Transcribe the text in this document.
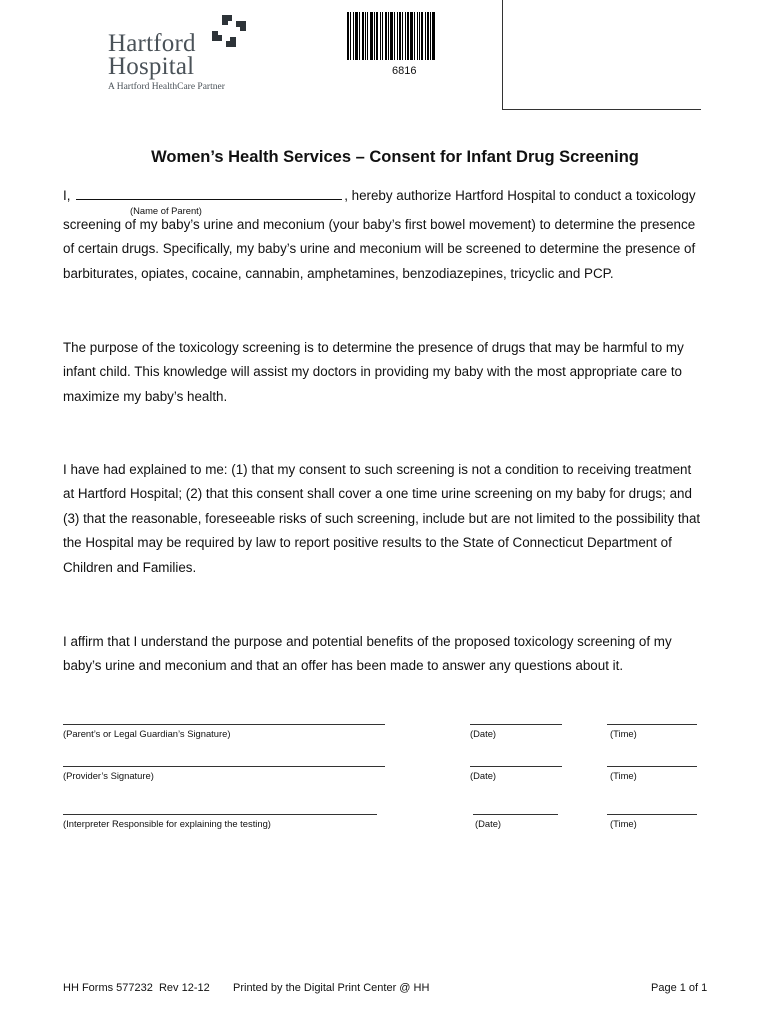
Hartford
Hospital
A Hartford HealthCare Partner
6816
Women’s Health Services – Consent for Infant Drug Screening
I,	, hereby authorize Hartford Hospital to conduct a toxicology
(Name of Parent)
screening of my baby’s urine and meconium (your baby’s first bowel movement) to determine the presence
of certain drugs. Specifically, my baby’s urine and meconium will be screened to determine the presence of
barbiturates, opiates, cocaine, cannabin, amphetamines, benzodiazepines, tricyclic and PCP.
The purpose of the toxicology screening is to determine the presence of drugs that may be harmful to my
infant child. This knowledge will assist my doctors in providing my baby with the most appropriate care to
maximize my baby’s health.
I have had explained to me: (1) that my consent to such screening is not a condition to receiving treatment
at Hartford Hospital; (2) that this consent shall cover a one time urine screening on my baby for drugs; and
(3) that the reasonable, foreseeable risks of such screening, include but are not limited to the possibility that
the Hospital may be required by law to report positive results to the State of Connecticut Department of
Children and Families.
I affirm that I understand the purpose and potential benefits of the proposed toxicology screening of my
baby’s urine and meconium and that an offer has been made to answer any questions about it.
(Parent’s or Legal Guardian’s Signature)	(Date)	(Time)
(Provider’s Signature)	(Date)	(Time)
(Interpreter Responsible for explaining the testing)	(Date)	(Time)
HH Forms 577232  Rev 12-12 Printed by the Digital Print Center @ HH	Page 1 of 1
